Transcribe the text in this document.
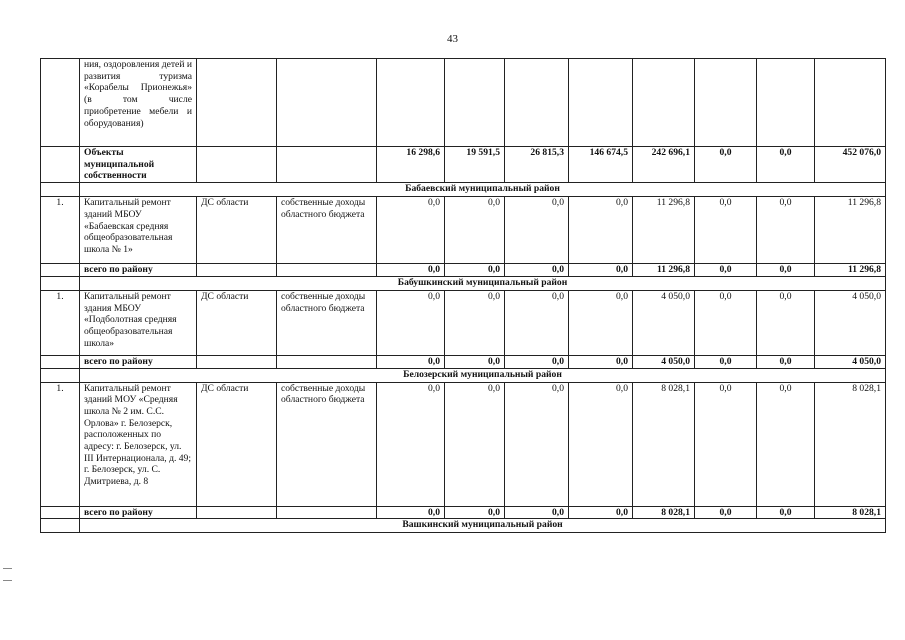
43
	ния, оздоровления детей и развития туризма «Корабелы Прионежья» (в том числе приобретение мебели и оборудования)										
	Объекты муниципальной собственности			16 298,6	19 591,5	26 815,3	146 674,5	242 696,1	0,0	0,0	452 076,0
	Бабаевский муниципальный район										
1.	Капитальный ремонт зданий МБОУ «Бабаевская средняя общеобразовательная школа № 1»	ДС области	собственные доходы областного бюджета	0,0	0,0	0,0	0,0	11 296,8	0,0	0,0	11 296,8
	всего по району			0,0	0,0	0,0	0,0	11 296,8	0,0	0,0	11 296,8
	Бабушкинский муниципальный район										
1.	Капитальный ремонт здания МБОУ «Подболотная средняя общеобразовательная школа»	ДС области	собственные доходы областного бюджета	0,0	0,0	0,0	0,0	4 050,0	0,0	0,0	4 050,0
	всего по району			0,0	0,0	0,0	0,0	4 050,0	0,0	0,0	4 050,0
	Белозерский муниципальный район										
1.	Капитальный ремонт зданий МОУ «Средняя школа № 2 им. С.С. Орлова» г. Белозерск, расположенных по адресу: г. Белозерск, ул. III Интернационала, д. 49; г. Белозерск, ул. С. Дмитриева, д. 8	ДС области	собственные доходы областного бюджета	0,0	0,0	0,0	0,0	8 028,1	0,0	0,0	8 028,1
	всего по району			0,0	0,0	0,0	0,0	8 028,1	0,0	0,0	8 028,1
	Вашкинский муниципальный район										
